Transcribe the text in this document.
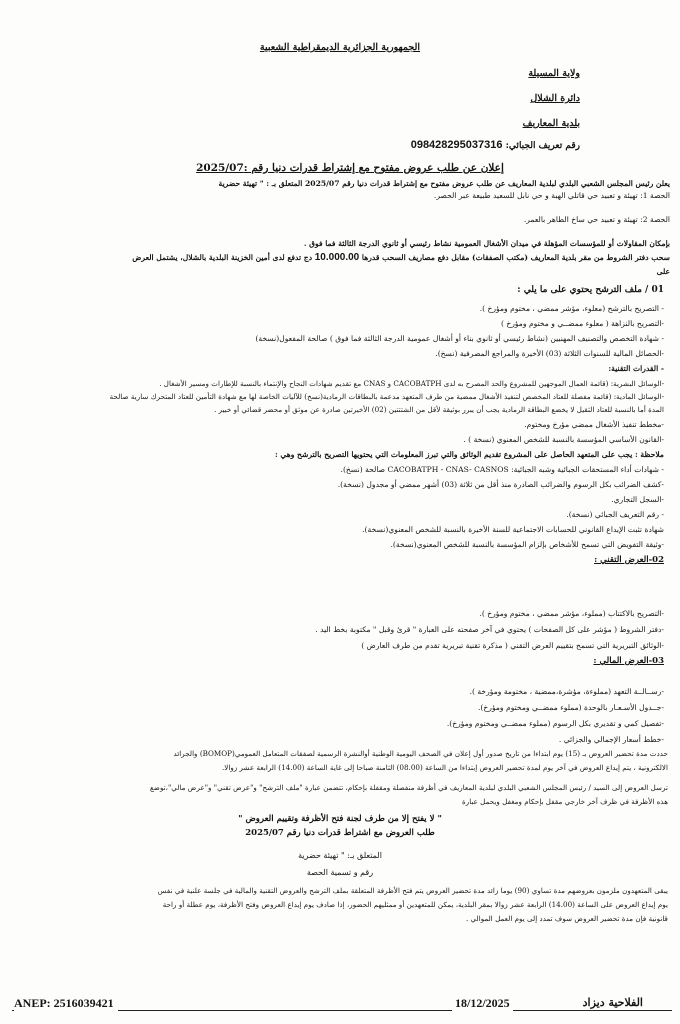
الجمهورية الجزائرية الديمقراطية الشعبية
ولاية المسيلة
دائرة الشلال
بلدية المعاريف
رقم تعريف الجبائي: 098428295037316
إعلان عن طلب عروض مفتوح مع إشتراط قدرات دنيا رقم :2025/07
يعلن رئيس المجلس الشعبي البلدي لبلدية المعاريف عن طلب عروض مفتوح مع إشتراط قدرات دنيا رقم 2025/07 المتعلق بـ : " تهيئة حضرية
الحصة 1: تهيئة و تعبيد حي قاتلي الهبة و حي نابل للسعيد طبيعة عبر الحصر.
الحصة 2: تهيئة و تعبيد حي ساخ الطاهر بالعمر.
بإمكان المقاولات أو للمؤسسات المؤهلة في ميدان الأشغال العمومية نشاط رئيسي أو ثانوي الدرجة الثالثة فما فوق .
سحب دفتر الشروط من مقر بلدية المعاريف (مكتب الصفقات) مقابل دفع مصاريف السحب قدرها 10.000.00 دج تدفع لدى أمين الخزينة البلدية بالشلال، يشتمل العرض
على
01 / ملف الترشح يحتوي على ما يلي :
- التصريح بالترشح (معلوء، مؤشر ممضي ، مختوم ومؤرخ ).
-التصريح بالنزاهة ( معلوء ممضــي و مختوم ومؤرخ )
- شهادة التخصص والتصنيف المهنيين (نشاط رئيسي أو ثانوي بناء أو أشغال عمومية الدرجة الثالثة فما فوق ) صالحة المفعول(نسخة)
-الحصائل المالية للسنوات الثلاثة (03) الأخيرة والمراجع المصرفية (نسخ).
- القدرات التقنية:
-الوسائل البشرية: (قائمة العمال الموجهين للمشروع والحد المصرح به لدى CACOBATPH و CNAS مع تقديم شهادات النجاح والإنتماء بالنسبة للإطارات ومسير الأشغال .
-الوسائل المادية: (قائمة مفصلة للعتاد المخصص لتنفيذ الأشغال ممضية من طرف المتعهد مدعمة بالبطاقات الرمادية(نسخ) للآليات الخاصة لها مع شهادة التأمين للعتاد المتحرك سارية صالحة
المدة أما بالنسبة للعتاد الثقيل لا يخضع البطاقة الرمادية يجب أن يبرر بوثيقة لأقل من الشتتتين (02) الأخيرتين صادرة عن موثق أو محضر قضائي أو خبير .
-مخطط تنفيذ الأشغال ممضي مؤرخ ومختوم.
-القانون الأساسي المؤسسة بالنسبة للشخص المعنوي (نسخة ) .
ملاحظة : يجب على المتعهد الحاصل على المشروع تقديم الوثائق والتي تبرز المعلومات التي يحتويها التصريح بالترشح وهي :
- شهادات أداء المستحقات الجبائية وشبه الجبائية: CACOBATPH - CNAS- CASNOS صالحة (نسخ).
-كشف الضرائب بكل الرسوم والضرائب الصادرة منذ أقل من ثلاثة (03) أشهر ممضي أو مجدول (نسخة).
-السجل التجاري.
- رقم التعريف الجبائي (نسخة).
شهادة تثبت الإيداع القانوني للحسابات الاجتماعية للسنة الأخيرة بالنسبة للشخص المعنوي(نسخة).
-وثيقة التفويض التي تسمح للأشخاص بإلزام المؤسسة بالنسبة للشخص المعنوي(نسخة).
02-العرض التقني :
-التصريح بالاكتتاب (مملوء، مؤشر ممضي ، مختوم ومؤرخ ).
-دفتر الشروط ( مؤشر على كل الصفحات ) يحتوي في آخر صفحته على العبارة " قرئ وقبل " مكتوبة بخط اليد .
-الوثائق التبريرية التي تسمح بتقييم العرض التقني ( مذكرة تقنية تبريرية تقدم من طرف العارض )
03-العرض المالي :
-رســالــة التعهد (مملوءة، مؤشرة،ممضية ، مختومة ومؤرخة ).
-جــدول الأسـعـار بالوحدة (مملوء ممضــي ومختوم ومؤرخ).
-تفصيل كمي و تقديري بكل الرسوم (مملوء ممضــي ومختوم ومؤرخ).
-خطط أسعار الإجمالي والجزائي .
حددت مدة تحضير العروض بـ (15) يوم ابتداءا من تاريخ صدور أول إعلان في الصحف اليومية الوطنية أوالنشرة الرسمية لصفقات المتعامل العمومي(BOMOP) والجرائد
الالكترونية ، يتم إيداع العروض في آخر يوم لمدة تحضير العروض إبتداءا من الساعة (08.00) الثامنة صباحا إلى غاية الساعة (14.00) الرابعة عشر زوالا.
ترسل العروض إلى السيد / رئيس المجلس الشعبي البلدي لبلدية المعاريف في أظرفة منفصلة ومقفلة بإحكام، تتضمن عبارة "ملف الترشح" و"عرض تقني" و"عرض مالي"،توضع
هذه الأظرفة في ظرف آخر خارجي مقفل بإحكام ومغفل ويحمل عبارة
" لا يفتح إلا من طرف لجنة فتح الأظرفة وتقييم العروض "
طلب العروض مع اشتراط قدرات دنيا رقم 2025/07
المتعلق بـ: " تهيئة حضرية
رقم و تسمية الحصة
يبقى المتعهدون ملزمون بعروضهم مدة تساوي (90) يوما زائد مدة تحضير العروض يتم فتح الأظرفة المتعلقة بملف الترشح والعروض التقنية والمالية في جلسة علنية في نفس
يوم إيداع العروض على الساعة (14.00) الرابعة عشر زوالا بمقر البلدية، يمكن للمتعهدين أو ممثليهم الحضور، إذا صادف يوم إيداع العروض وفتح الأظرفة، يوم عطلة أو راحة
قانونية فإن مدة تحضير العروض سوف تمدد إلى يوم العمل الموالي .
ANEP: 2516039421	18/12/2025	الفلاحية ديزاد
